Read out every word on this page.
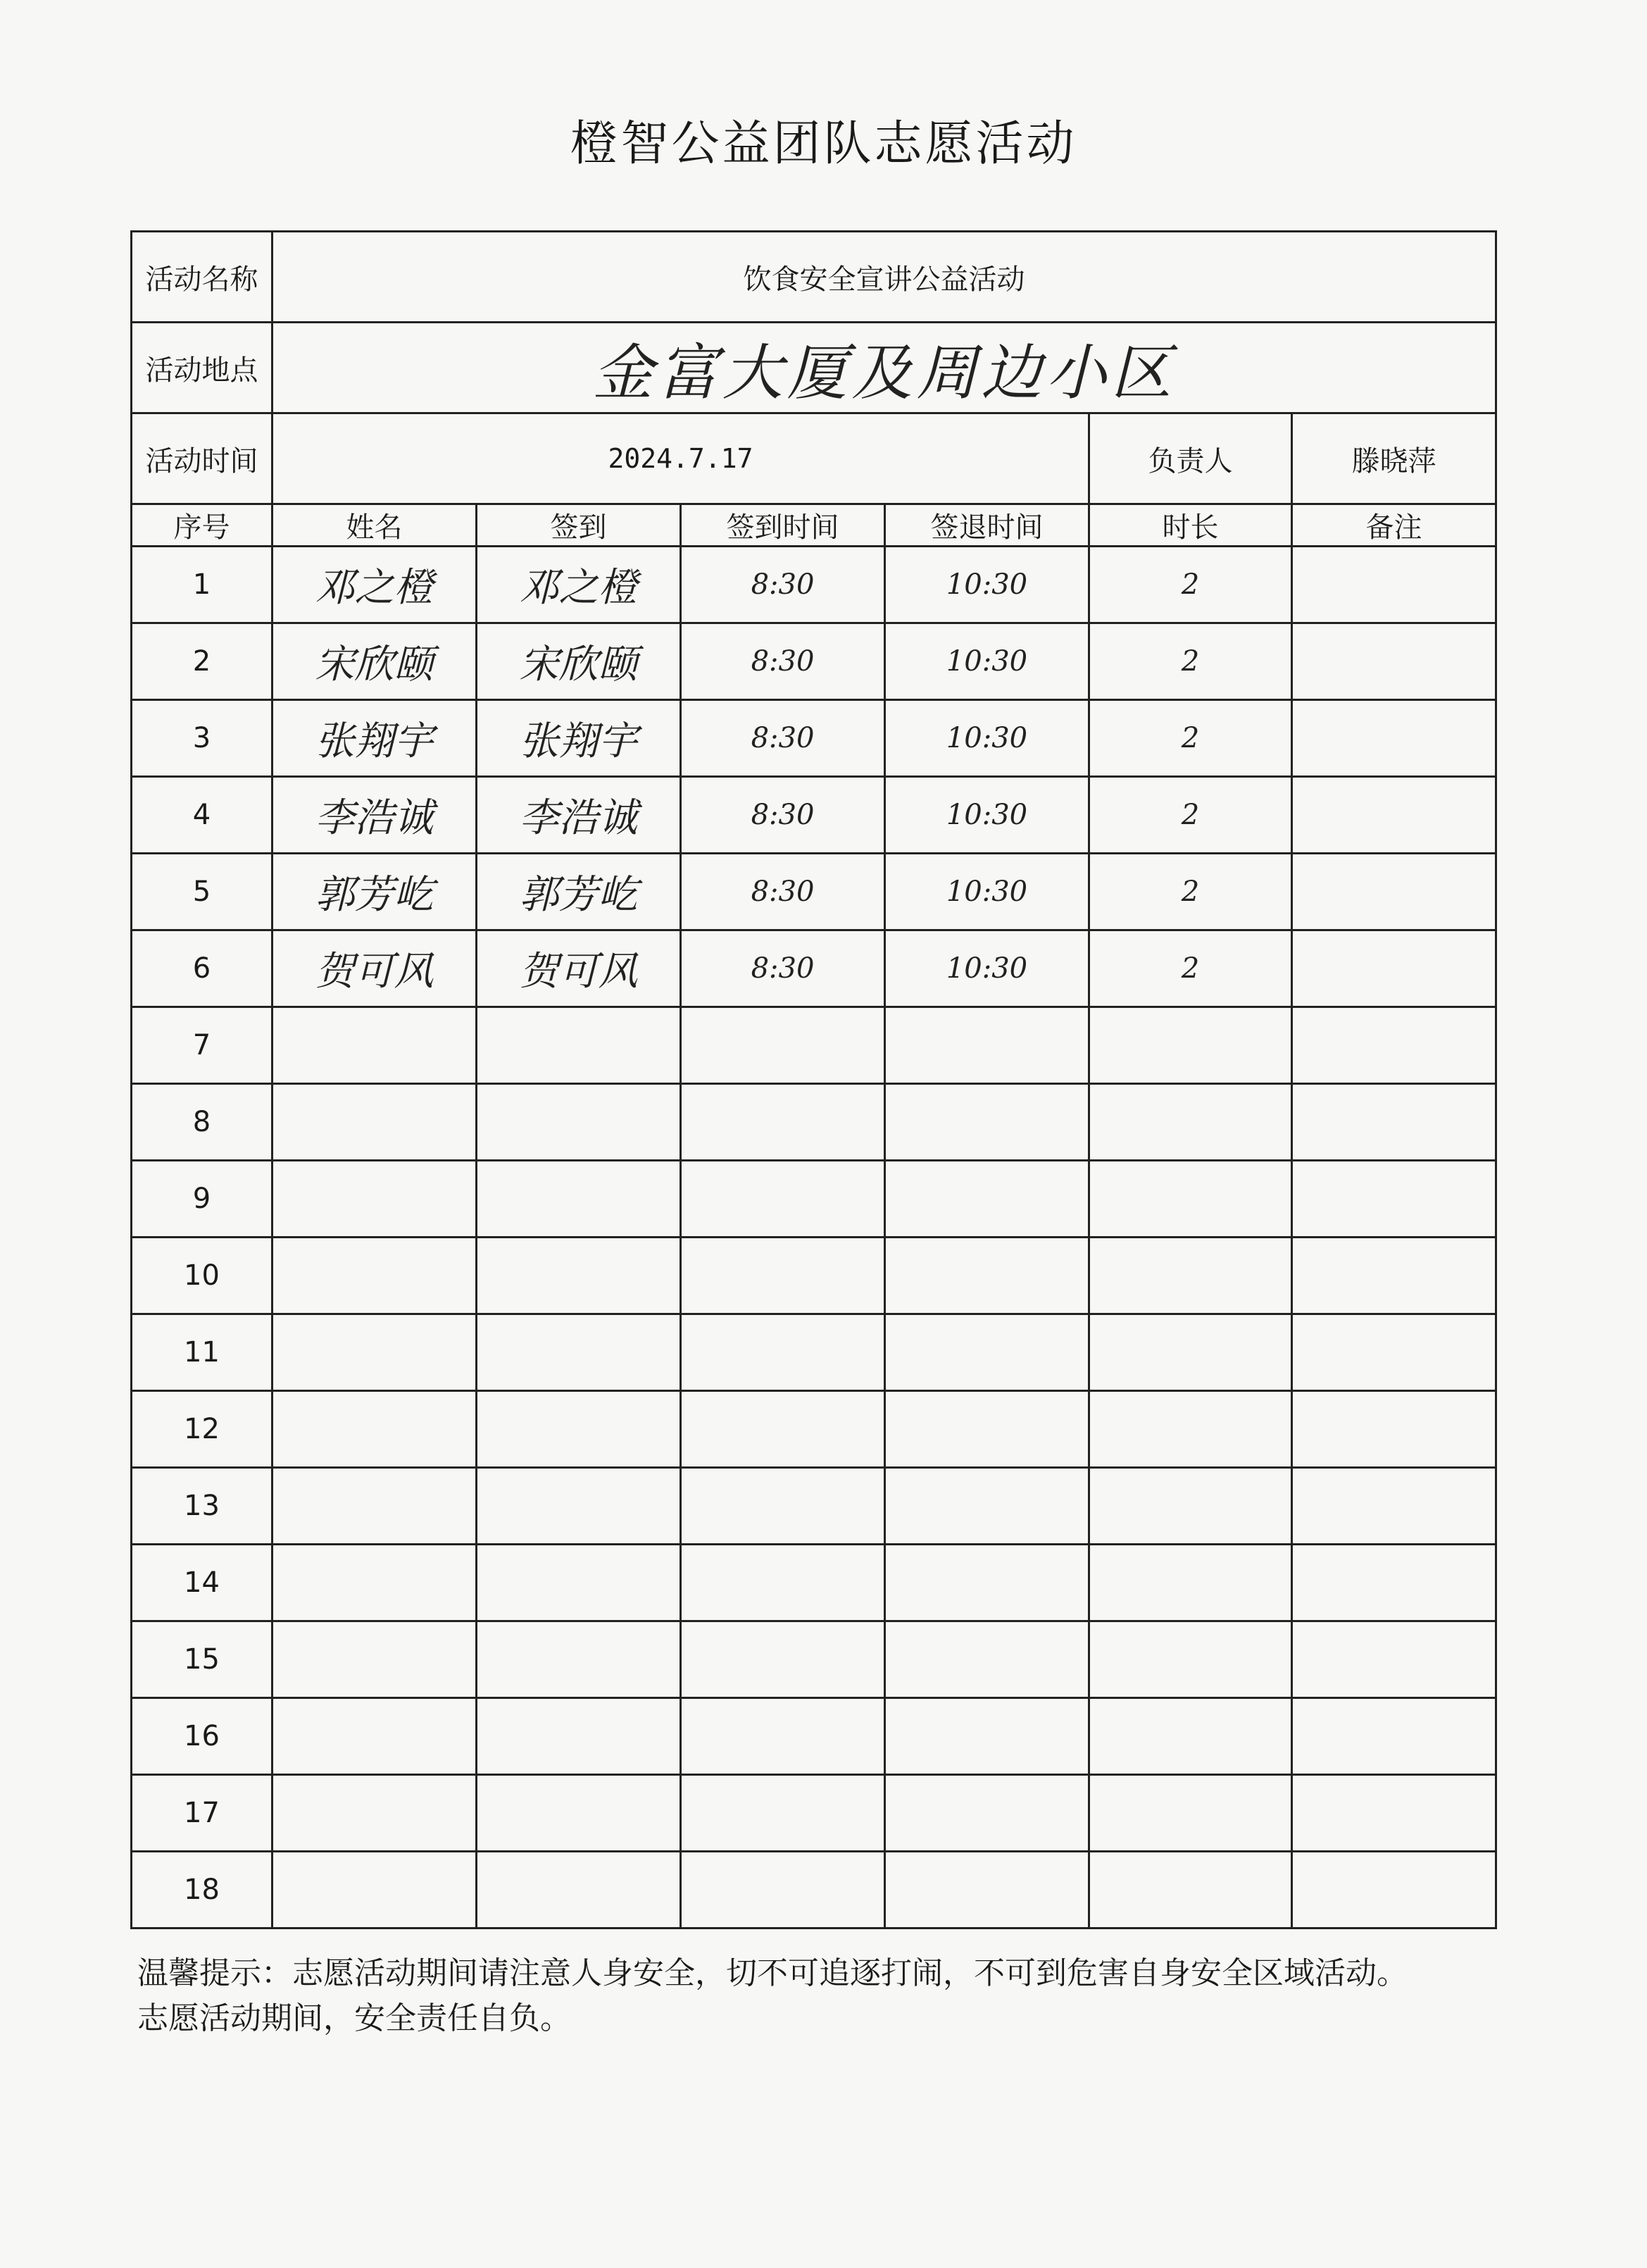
橙智公益团队志愿活动
活动名称	饮食安全宣讲公益活动					
活动地点	金富大厦及周边小区					
活动时间	2024.7.17				负责人	滕晓萍
序号	姓名	签到	签到时间	签退时间	时长	备注
1	邓之橙	邓之橙	8:30	10:30	2	
2	宋欣颐	宋欣颐	8:30	10:30	2	
3	张翔宇	张翔宇	8:30	10:30	2	
4	李浩诚	李浩诚	8:30	10:30	2	
5	郭芳屹	郭芳屹	8:30	10:30	2	
6	贺可风	贺可风	8:30	10:30	2	
7						
8						
9						
10						
11						
12						
13						
14						
15						
16						
17						
18						
温馨提示：志愿活动期间请注意人身安全，切不可追逐打闹，不可到危害自身安全区域活动。
志愿活动期间，安全责任自负。
